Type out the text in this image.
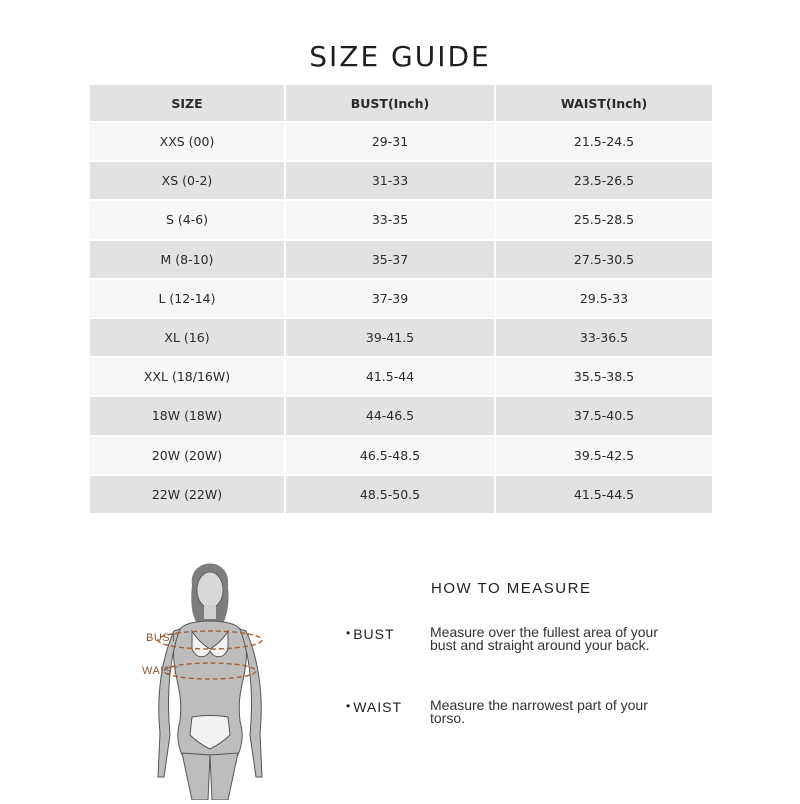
SIZE GUIDE
SIZE	BUST(Inch)	WAIST(Inch)
XXS (00)	29-31	21.5-24.5
XS (0-2)	31-33	23.5-26.5
S (4-6)	33-35	25.5-28.5
M (8-10)	35-37	27.5-30.5
L (12-14)	37-39	29.5-33
XL (16)	39-41.5	33-36.5
XXL (18/16W)	41.5-44	35.5-38.5
18W (18W)	44-46.5	37.5-40.5
20W (20W)	46.5-48.5	39.5-42.5
22W (22W)	48.5-50.5	41.5-44.5
BUST
WAIST
HOW TO MEASURE
• BUST	Measure over the fullest area of your bust and straight around your back.
• WAIST Measure the narrowest part of your torso.
